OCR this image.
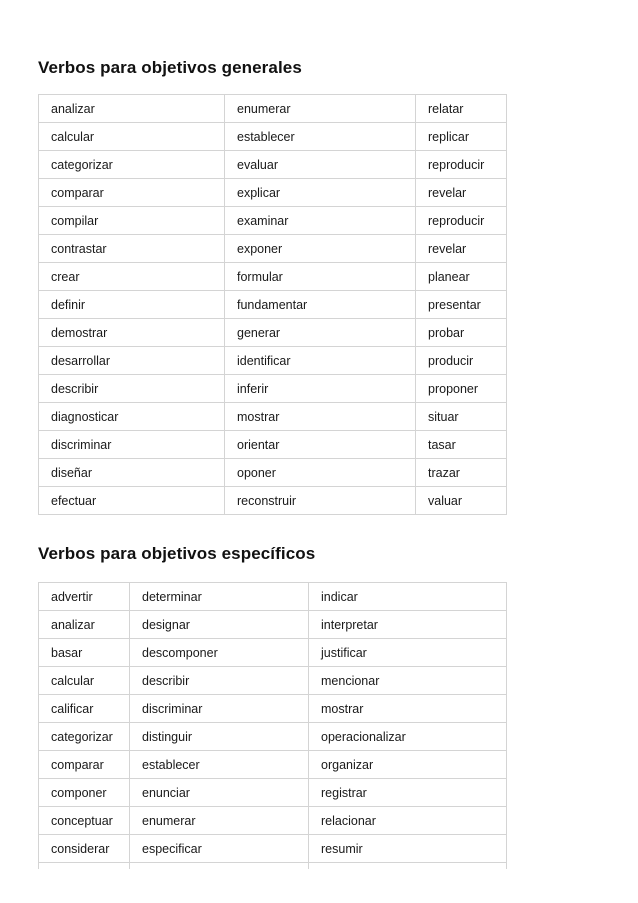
Verbos para objetivos generales
analizar	enumerar	relatar
calcular	establecer	replicar
categorizar	evaluar	reproducir
comparar	explicar	revelar
compilar	examinar	reproducir
contrastar	exponer	revelar
crear	formular	planear
definir	fundamentar	presentar
demostrar	generar	probar
desarrollar	identificar	producir
describir	inferir	proponer
diagnosticar	mostrar	situar
discriminar	orientar	tasar
diseñar	oponer	trazar
efectuar	reconstruir	valuar
Verbos para objetivos específicos
advertir	determinar	indicar
analizar	designar	interpretar
basar	descomponer	justificar
calcular	describir	mencionar
calificar	discriminar	mostrar
categorizar	distinguir	operacionalizar
comparar	establecer	organizar
componer	enunciar	registrar
conceptuar	enumerar	relacionar
considerar	especificar	resumir
